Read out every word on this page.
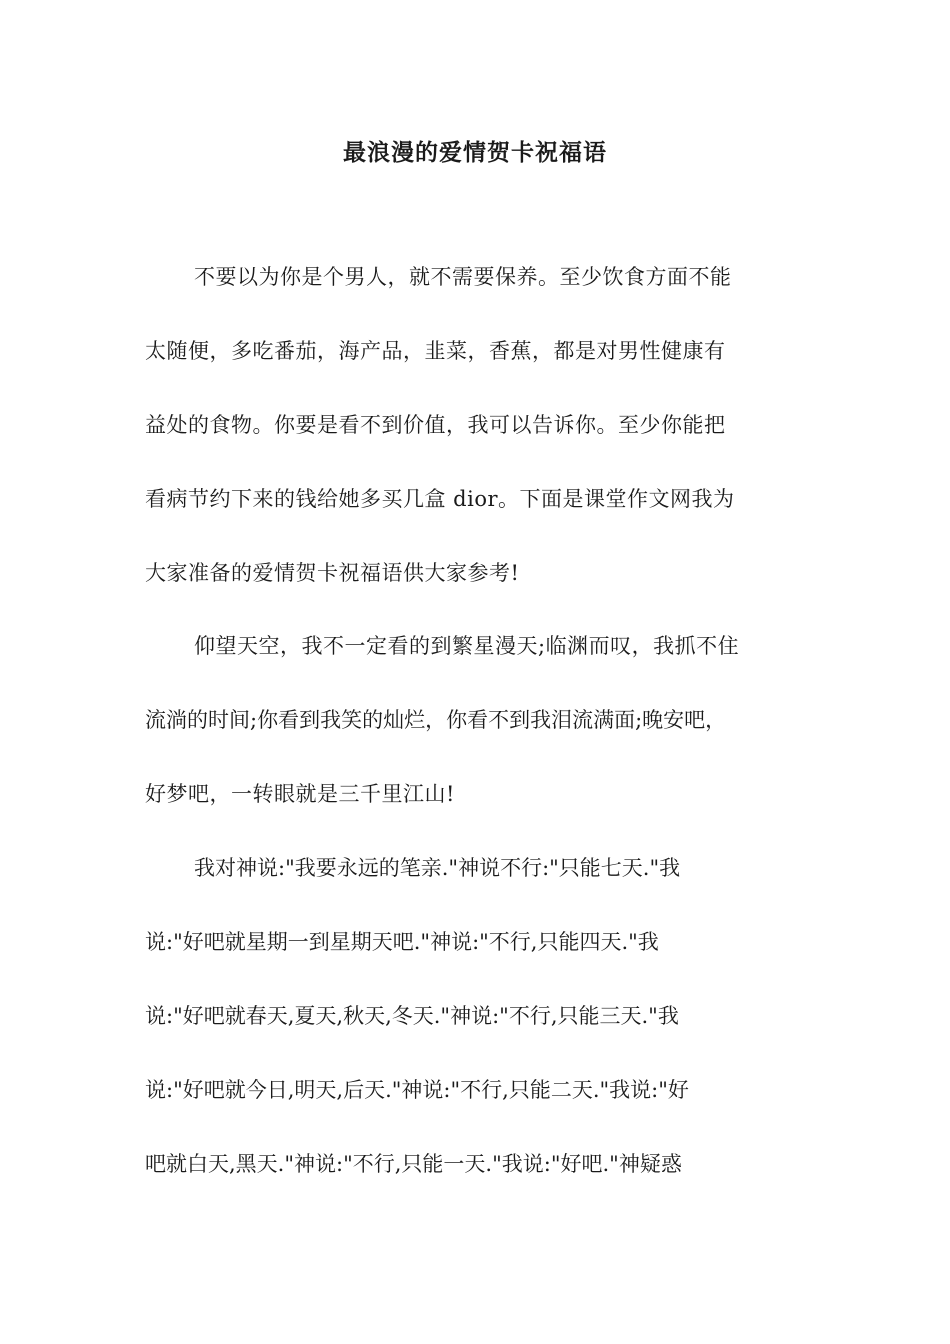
最浪漫的爱情贺卡祝福语
不要以为你是个男人，就不需要保养。至少饮食方面不能
太随便，多吃番茄，海产品，韭菜，香蕉，都是对男性健康有
益处的食物。你要是看不到价值，我可以告诉你。至少你能把
看病节约下来的钱给她多买几盒 dior。下面是课堂作文网我为
大家准备的爱情贺卡祝福语供大家参考!
仰望天空，我不一定看的到繁星漫天;临渊而叹，我抓不住
流淌的时间;你看到我笑的灿烂，你看不到我泪流满面;晚安吧，
好梦吧，一转眼就是三千里江山!
我对神说:"我要永远的笔亲."神说不行:"只能七天."我
说:"好吧就星期一到星期天吧."神说:"不行,只能四天."我
说:"好吧就春天,夏天,秋天,冬天."神说:"不行,只能三天."我
说:"好吧就今日,明天,后天."神说:"不行,只能二天."我说:"好
吧就白天,黑天."神说:"不行,只能一天."我说:"好吧."神疑惑
